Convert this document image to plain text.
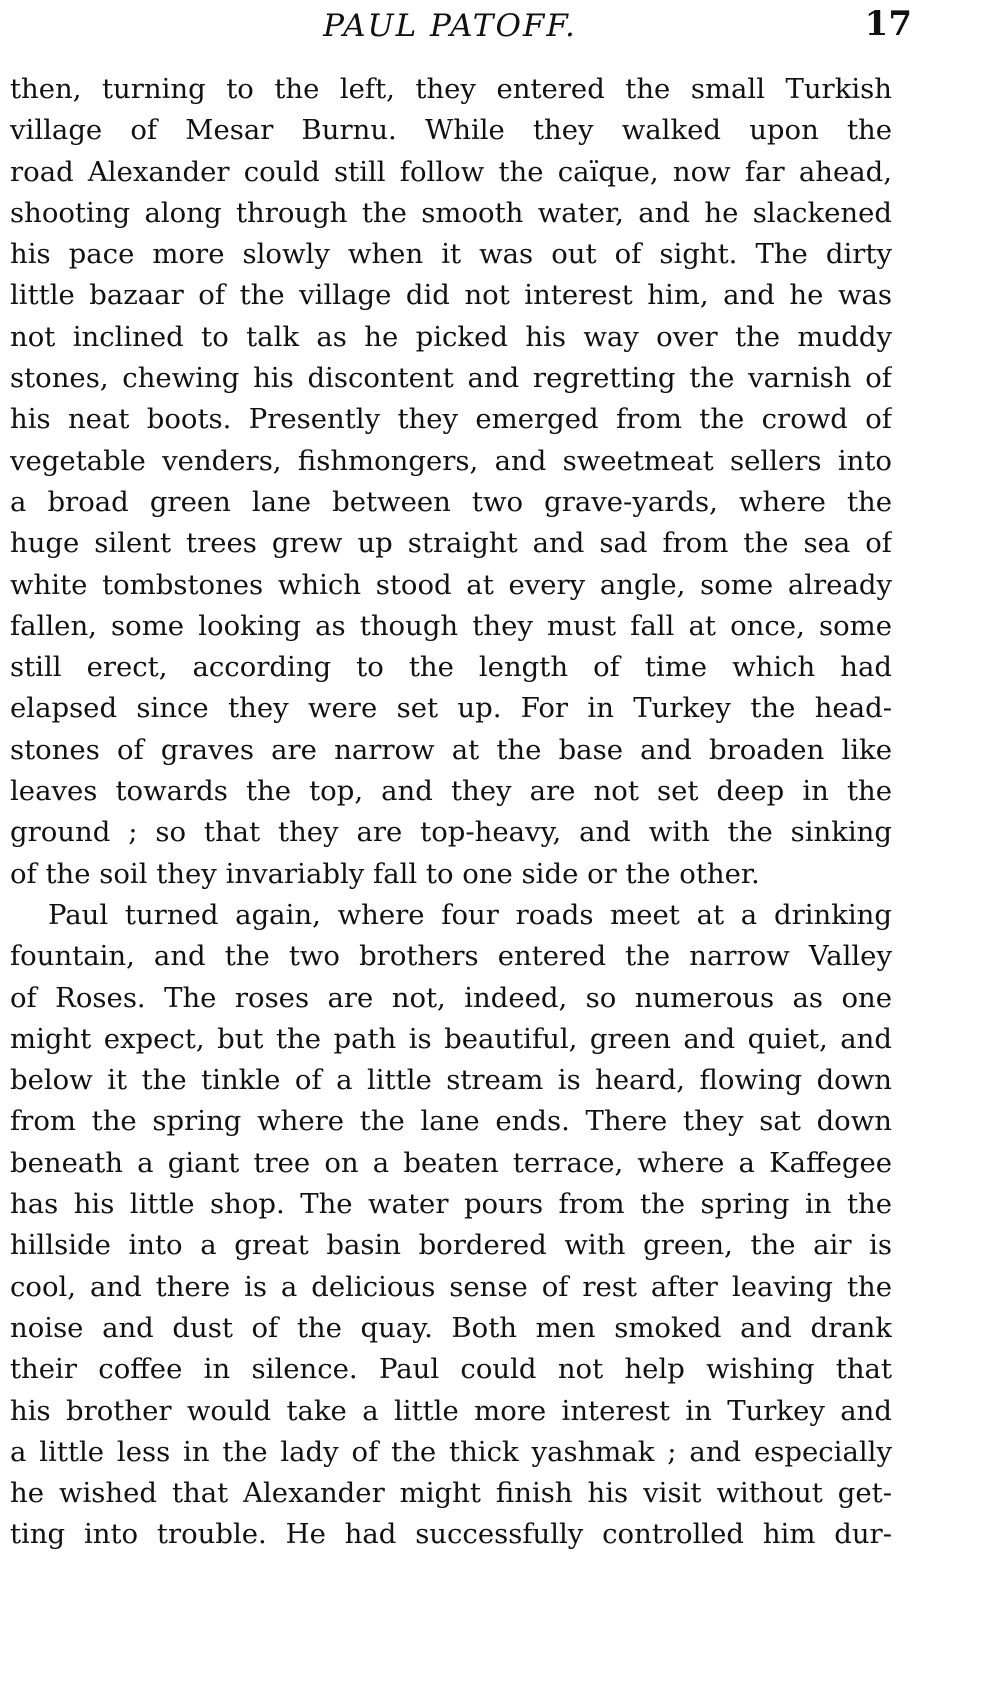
PAUL PATOFF.	17
then, turning to the left, they entered the small Turkish
village of Mesar Burnu. While they walked upon the
road Alexander could still follow the caïque, now far ahead,
shooting along through the smooth water, and he slackened
his pace more slowly when it was out of sight. The dirty
little bazaar of the village did not interest him, and he was
not inclined to talk as he picked his way over the muddy
stones, chewing his discontent and regretting the varnish of
his neat boots. Presently they emerged from the crowd of
vegetable venders, fishmongers, and sweetmeat sellers into
a broad green lane between two grave-yards, where the
huge silent trees grew up straight and sad from the sea of
white tombstones which stood at every angle, some already
fallen, some looking as though they must fall at once, some
still erect, according to the length of time which had
elapsed since they were set up. For in Turkey the head-
stones of graves are narrow at the base and broaden like
leaves towards the top, and they are not set deep in the
ground ; so that they are top-heavy, and with the sinking
of the soil they invariably fall to one side or the other.
Paul turned again, where four roads meet at a drinking
fountain, and the two brothers entered the narrow Valley
of Roses. The roses are not, indeed, so numerous as one
might expect, but the path is beautiful, green and quiet, and
below it the tinkle of a little stream is heard, flowing down
from the spring where the lane ends. There they sat down
beneath a giant tree on a beaten terrace, where a Kaffegee
has his little shop. The water pours from the spring in the
hillside into a great basin bordered with green, the air is
cool, and there is a delicious sense of rest after leaving the
noise and dust of the quay. Both men smoked and drank
their coffee in silence. Paul could not help wishing that
his brother would take a little more interest in Turkey and
a little less in the lady of the thick yashmak ; and especially
he wished that Alexander might finish his visit without get-
ting into trouble. He had successfully controlled him dur-
